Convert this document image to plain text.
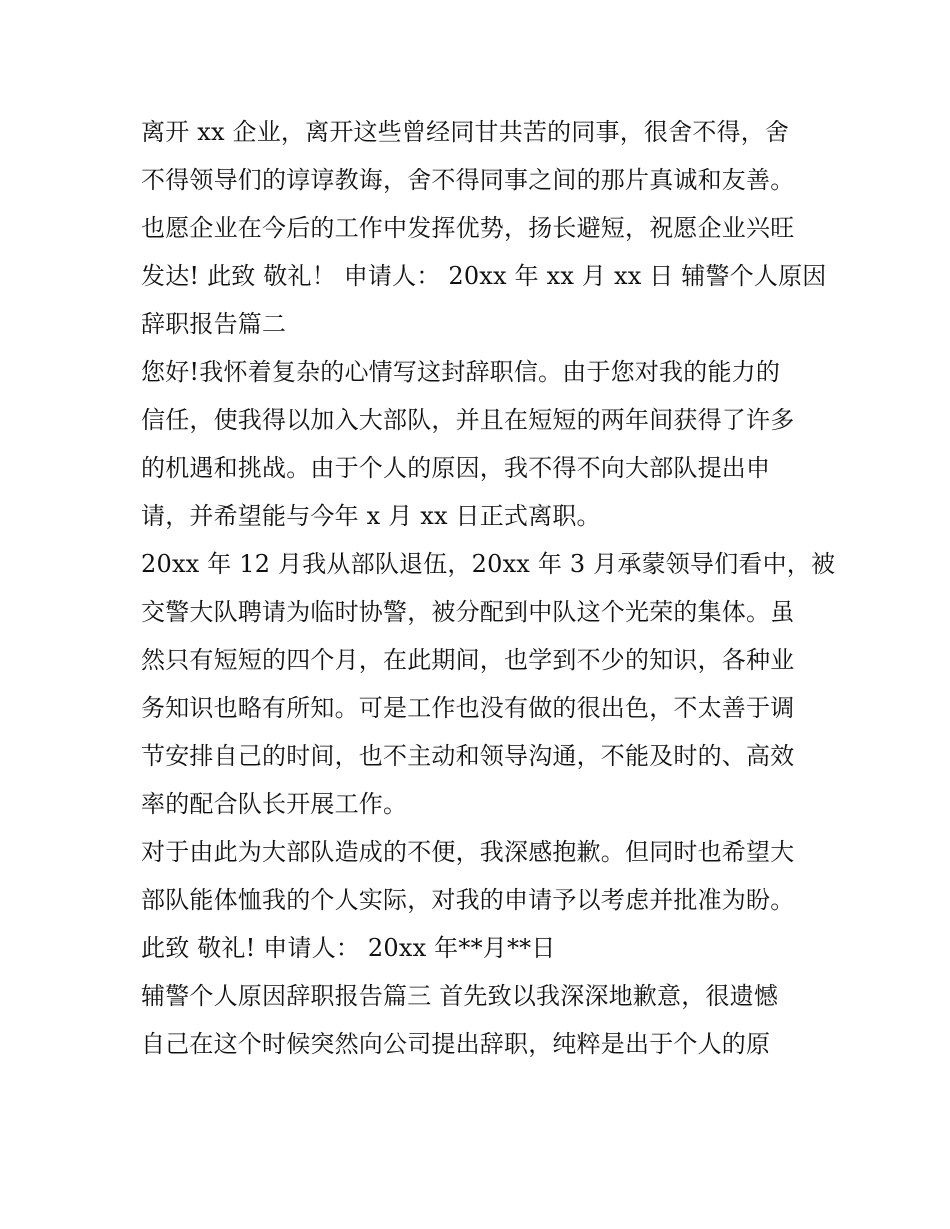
离开 xx 企业，离开这些曾经同甘共苦的同事，很舍不得，舍
不得领导们的谆谆教诲，舍不得同事之间的那片真诚和友善。
也愿企业在今后的工作中发挥优势，扬长避短，祝愿企业兴旺
发达! 此致 敬礼！ 申请人： 20xx 年 xx 月 xx 日 辅警个人原因
辞职报告篇二
您好!我怀着复杂的心情写这封辞职信。由于您对我的能力的
信任，使我得以加入大部队，并且在短短的两年间获得了许多
的机遇和挑战。由于个人的原因，我不得不向大部队提出申
请，并希望能与今年 x 月 xx 日正式离职。
20xx 年 12 月我从部队退伍，20xx 年 3 月承蒙领导们看中，被
交警大队聘请为临时协警，被分配到中队这个光荣的集体。虽
然只有短短的四个月，在此期间，也学到不少的知识，各种业
务知识也略有所知。可是工作也没有做的很出色，不太善于调
节安排自己的时间，也不主动和领导沟通，不能及时的、高效
率的配合队长开展工作。
对于由此为大部队造成的不便，我深感抱歉。但同时也希望大
部队能体恤我的个人实际，对我的申请予以考虑并批准为盼。
此致 敬礼! 申请人： 20xx 年**月**日
辅警个人原因辞职报告篇三 首先致以我深深地歉意，很遗憾
自己在这个时候突然向公司提出辞职，纯粹是出于个人的原
